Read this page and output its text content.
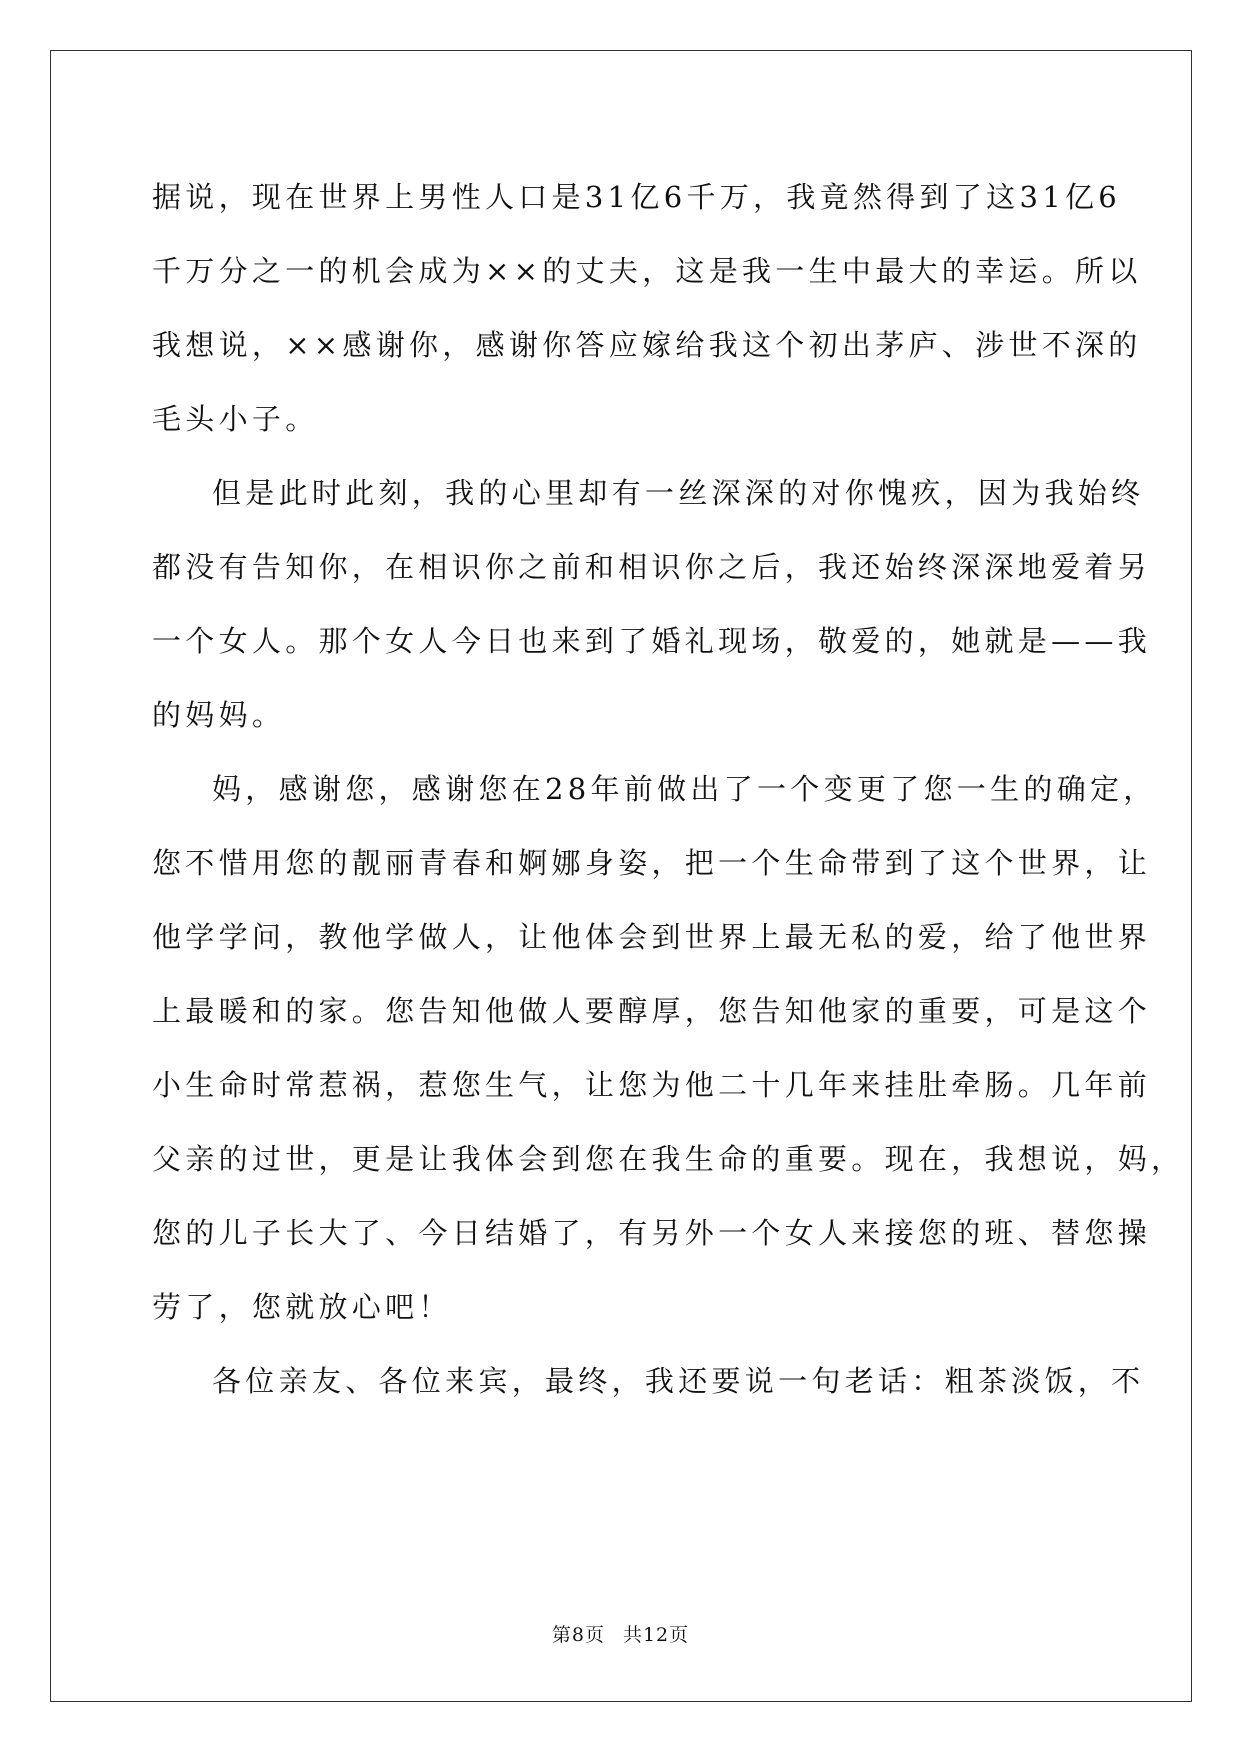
据说，现在世界上男性人口是31亿6千万，我竟然得到了这31亿6
千万分之一的机会成为××的丈夫，这是我一生中最大的幸运。所以
我想说，××感谢你，感谢你答应嫁给我这个初出茅庐、涉世不深的
毛头小子。
但是此时此刻，我的心里却有一丝深深的对你愧疚，因为我始终
都没有告知你，在相识你之前和相识你之后，我还始终深深地爱着另
一个女人。那个女人今日也来到了婚礼现场，敬爱的，她就是——我
的妈妈。
妈，感谢您，感谢您在28年前做出了一个变更了您一生的确定，
您不惜用您的靓丽青春和婀娜身姿，把一个生命带到了这个世界，让
他学学问，教他学做人，让他体会到世界上最无私的爱，给了他世界
上最暖和的家。您告知他做人要醇厚，您告知他家的重要，可是这个
小生命时常惹祸，惹您生气，让您为他二十几年来挂肚牵肠。几年前
父亲的过世，更是让我体会到您在我生命的重要。现在，我想说，妈，
您的儿子长大了、今日结婚了，有另外一个女人来接您的班、替您操
劳了，您就放心吧！
各位亲友、各位来宾，最终，我还要说一句老话：粗茶淡饭，不
第8页 共12页
